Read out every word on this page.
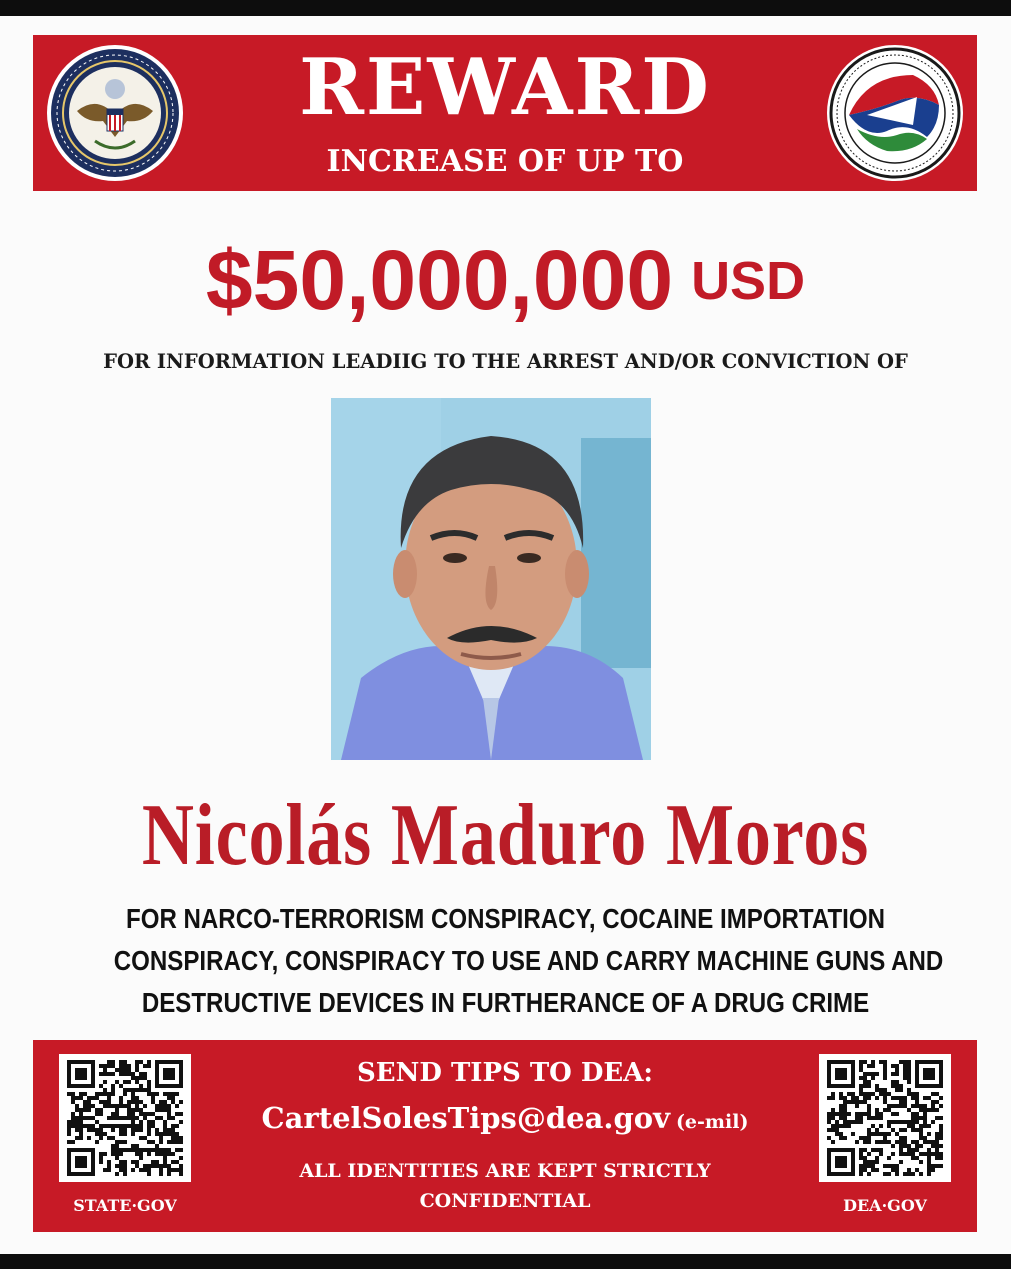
REWARD
INCREASE OF UP TO
$50,000,000 USD
FOR INFORMATION LEADIIG TO THE ARREST AND/OR CONVICTION OF
Nicolás Maduro Moros
FOR NARCO-TERRORISM CONSPIRACY, COCAINE IMPORTATION
CONSPIRACY, CONSPIRACY TO USE AND CARRY MACHINE GUNS AND
DESTRUCTIVE DEVICES IN FURTHERANCE OF A DRUG CRIME
STATE·GOV
SEND TIPS TO DEA:
CartelSolesTips@dea.gov (e-mil)
ALL IDENTITIES ARE KEPT STRICTLY
CONFIDENTIAL	DEA·GOV
